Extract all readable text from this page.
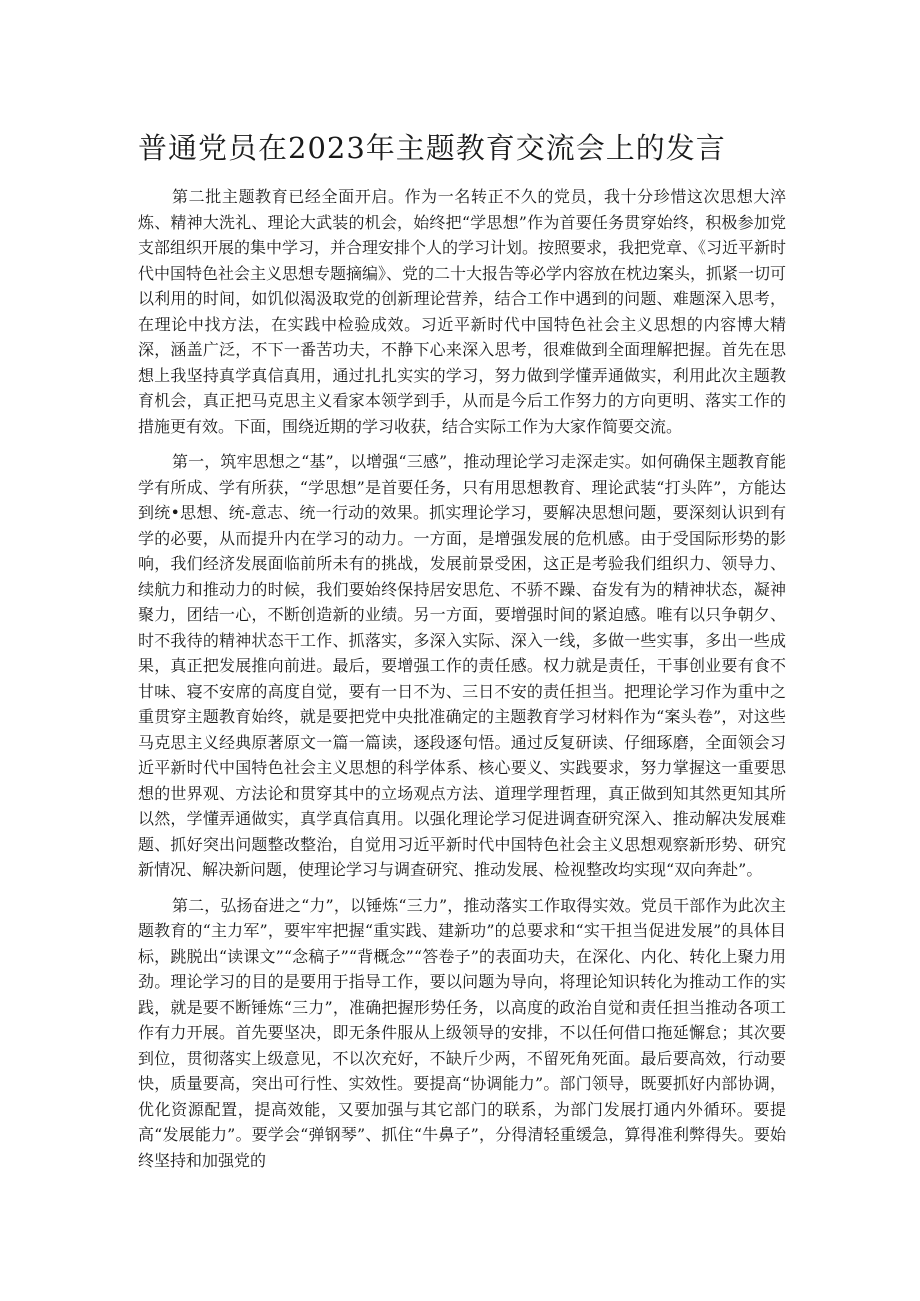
普通党员在2023年主题教育交流会上的发言

第二批主题教育已经全面开启。作为一名转正不久的党员，我十分珍惜这次思想大淬炼、精神大洗礼、理论大武装的机会，始终把“学思想”作为首要任务贯穿始终，积极参加党支部组织开展的集中学习，并合理安排个人的学习计划。按照要求，我把党章、《习近平新时代中国特色社会主义思想专题摘编》、党的二十大报告等必学内容放在枕边案头，抓紧一切可以利用的时间，如饥似渴汲取党的创新理论营养，结合工作中遇到的问题、难题深入思考，在理论中找方法，在实践中检验成效。习近平新时代中国特色社会主义思想的内容博大精深，涵盖广泛，不下一番苦功夫，不静下心来深入思考，很难做到全面理解把握。首先在思想上我坚持真学真信真用，通过扎扎实实的学习，努力做到学懂弄通做实，利用此次主题教育机会，真正把马克思主义看家本领学到手，从而是今后工作努力的方向更明、落实工作的措施更有效。下面，围绕近期的学习收获，结合实际工作为大家作简要交流。

第一，筑牢思想之“基”，以增强“三感”，推动理论学习走深走实。如何确保主题教育能学有所成、学有所获，“学思想”是首要任务，只有用思想教育、理论武装“打头阵”，方能达到统•思想、统-意志、统一行动的效果。抓实理论学习，要解决思想问题，要深刻认识到有学的必要，从而提升内在学习的动力。一方面，是增强发展的危机感。由于受国际形势的影响，我们经济发展面临前所未有的挑战，发展前景受困，这正是考验我们组织力、领导力、续航力和推动力的时候，我们要始终保持居安思危、不骄不躁、奋发有为的精神状态，凝神聚力，团结一心，不断创造新的业绩。另一方面，要增强时间的紧迫感。唯有以只争朝夕、时不我待的精神状态干工作、抓落实，多深入实际、深入一线，多做一些实事，多出一些成果，真正把发展推向前进。最后，要增强工作的责任感。权力就是责任，干事创业要有食不甘味、寝不安席的高度自觉，要有一日不为、三日不安的责任担当。把理论学习作为重中之重贯穿主题教育始终，就是要把党中央批准确定的主题教育学习材料作为“案头卷”，对这些马克思主义经典原著原文一篇一篇读，逐段逐句悟。通过反复研读、仔细琢磨，全面领会习近平新时代中国特色社会主义思想的科学体系、核心要义、实践要求，努力掌握这一重要思想的世界观、方法论和贯穿其中的立场观点方法、道理学理哲理，真正做到知其然更知其所以然，学懂弄通做实，真学真信真用。以强化理论学习促进调查研究深入、推动解决发展难题、抓好突出问题整改整治，自觉用习近平新时代中国特色社会主义思想观察新形势、研究新情况、解决新问题，使理论学习与调查研究、推动发展、检视整改均实现“双向奔赴”。

第二，弘扬奋进之“力”，以锤炼“三力”，推动落实工作取得实效。党员干部作为此次主题教育的“主力军”，要牢牢把握“重实践、建新功”的总要求和“实干担当促进发展”的具体目标，跳脱出“读课文”“念稿子”“背概念”“答卷子”的表面功夫，在深化、内化、转化上聚力用劲。理论学习的目的是要用于指导工作，要以问题为导向，将理论知识转化为推动工作的实践，就是要不断锤炼“三力”，准确把握形势任务，以高度的政治自觉和责任担当推动各项工作有力开展。首先要坚决，即无条件服从上级领导的安排，不以任何借口拖延懈怠；其次要到位，贯彻落实上级意见，不以次充好，不缺斤少两，不留死角死面。最后要高效，行动要快，质量要高，突出可行性、实效性。要提高“协调能力”。部门领导，既要抓好内部协调，优化资源配置，提高效能，又要加强与其它部门的联系，为部门发展打通内外循环。要提高“发展能力”。要学会“弹钢琴”、抓住“牛鼻子”，分得清轻重缓急，算得准利弊得失。要始终坚持和加强党的
